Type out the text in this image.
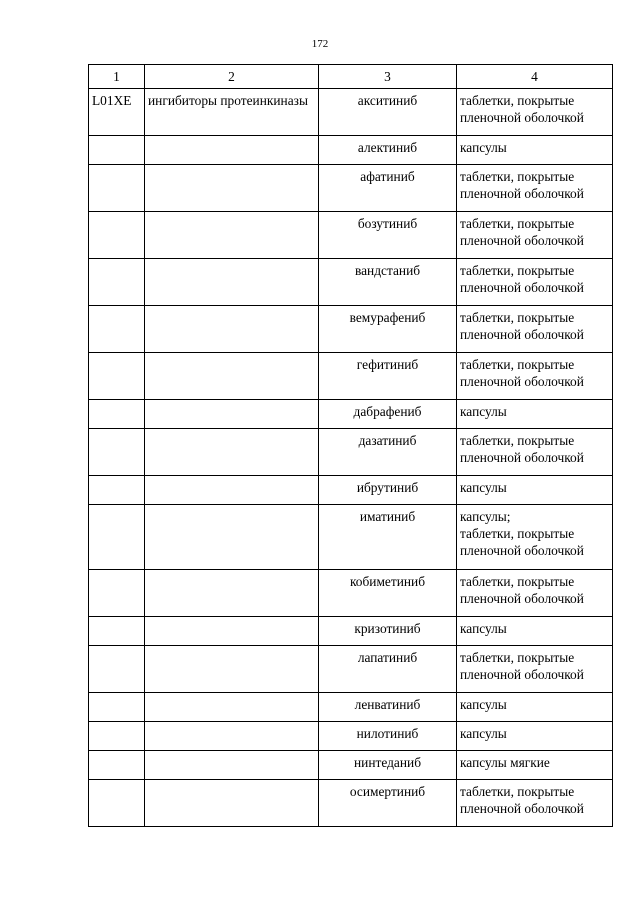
172
1	2	3	4
L01XE	ингибиторы протеинкиназы	акситиниб	таблетки, покрытые пленочной оболочкой
		алектиниб	капсулы
		афатиниб	таблетки, покрытые пленочной оболочкой
		бозутиниб	таблетки, покрытые пленочной оболочкой
		вандстаниб	таблетки, покрытые пленочной оболочкой
		вемурафениб	таблетки, покрытые пленочной оболочкой
		гефитиниб	таблетки, покрытые пленочной оболочкой
		дабрафениб	капсулы
		дазатиниб	таблетки, покрытые пленочной оболочкой
		ибрутиниб	капсулы
		иматиниб	капсулы;
таблетки, покрытые пленочной оболочкой
		кобиметиниб	таблетки, покрытые пленочной оболочкой
		кризотиниб	капсулы
		лапатиниб	таблетки, покрытые пленочной оболочкой
		ленватиниб	капсулы
		нилотиниб	капсулы
		нинтеданиб	капсулы мягкие
		осимертиниб	таблетки, покрытые пленочной оболочкой
